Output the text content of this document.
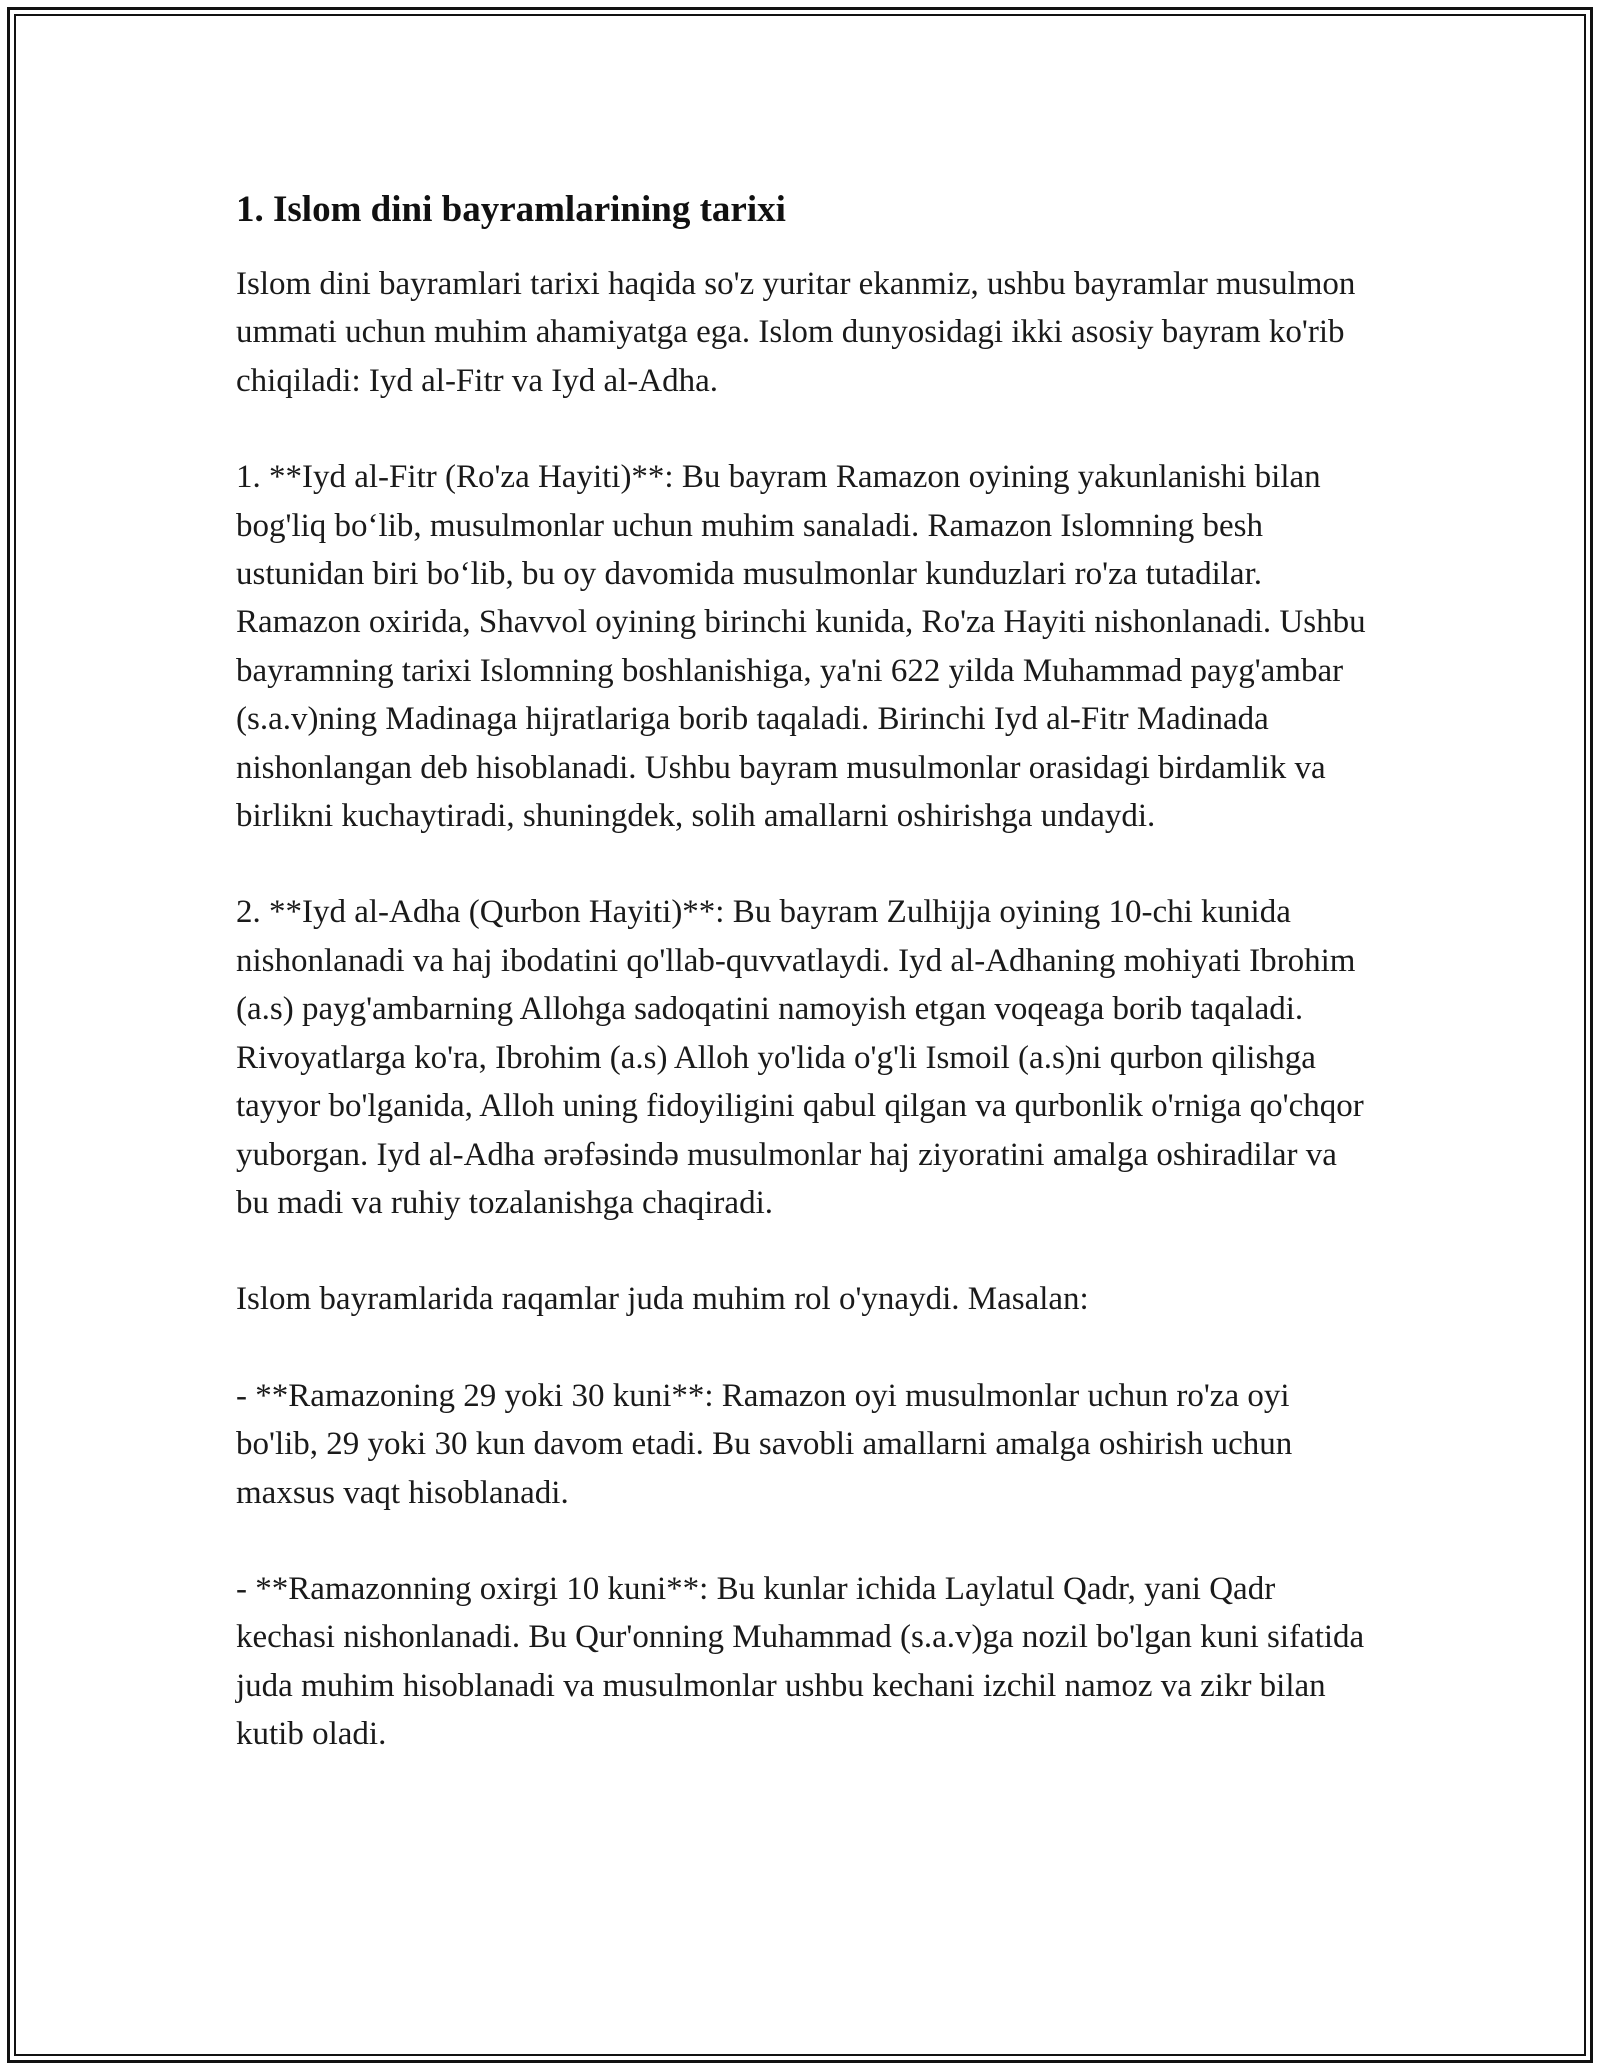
1. Islom dini bayramlarining tarixi

Islom dini bayramlari tarixi haqida so'z yuritar ekanmiz, ushbu bayramlar musulmon ummati uchun muhim ahamiyatga ega. Islom dunyosidagi ikki asosiy bayram ko'rib chiqiladi: Iyd al-Fitr va Iyd al-Adha.

1. **Iyd al-Fitr (Ro'za Hayiti)**: Bu bayram Ramazon oyining yakunlanishi bilan bog'liq bo‘lib, musulmonlar uchun muhim sanaladi. Ramazon Islomning besh ustunidan biri bo‘lib, bu oy davomida musulmonlar kunduzlari ro'za tutadilar. Ramazon oxirida, Shavvol oyining birinchi kunida, Ro'za Hayiti nishonlanadi. Ushbu bayramning tarixi Islomning boshlanishiga, ya'ni 622 yilda Muhammad payg'ambar (s.a.v)ning Madinaga hijratlariga borib taqaladi. Birinchi Iyd al-Fitr Madinada nishonlangan deb hisoblanadi. Ushbu bayram musulmonlar orasidagi birdamlik va birlikni kuchaytiradi, shuningdek, solih amallarni oshirishga undaydi.

2. **Iyd al-Adha (Qurbon Hayiti)**: Bu bayram Zulhijja oyining 10-chi kunida nishonlanadi va haj ibodatini qo'llab-quvvatlaydi. Iyd al-Adhaning mohiyati Ibrohim (a.s) payg'ambarning Allohga sadoqatini namoyish etgan voqeaga borib taqaladi. Rivoyatlarga ko'ra, Ibrohim (a.s) Alloh yo'lida o'g'li Ismoil (a.s)ni qurbon qilishga tayyor bo'lganida, Alloh uning fidoyiligini qabul qilgan va qurbonlik o'rniga qo'chqor yuborgan. Iyd al-Adha ərəfəsində musulmonlar haj ziyoratini amalga oshiradilar va bu madi va ruhiy tozalanishga chaqiradi.

Islom bayramlarida raqamlar juda muhim rol o'ynaydi. Masalan:

- **Ramazoning 29 yoki 30 kuni**: Ramazon oyi musulmonlar uchun ro'za oyi bo'lib, 29 yoki 30 kun davom etadi. Bu savobli amallarni amalga oshirish uchun maxsus vaqt hisoblanadi.

- **Ramazonning oxirgi 10 kuni**: Bu kunlar ichida Laylatul Qadr, yani Qadr kechasi nishonlanadi. Bu Qur'onning Muhammad (s.a.v)ga nozil bo'lgan kuni sifatida juda muhim hisoblanadi va musulmonlar ushbu kechani izchil namoz va zikr bilan kutib oladi.
